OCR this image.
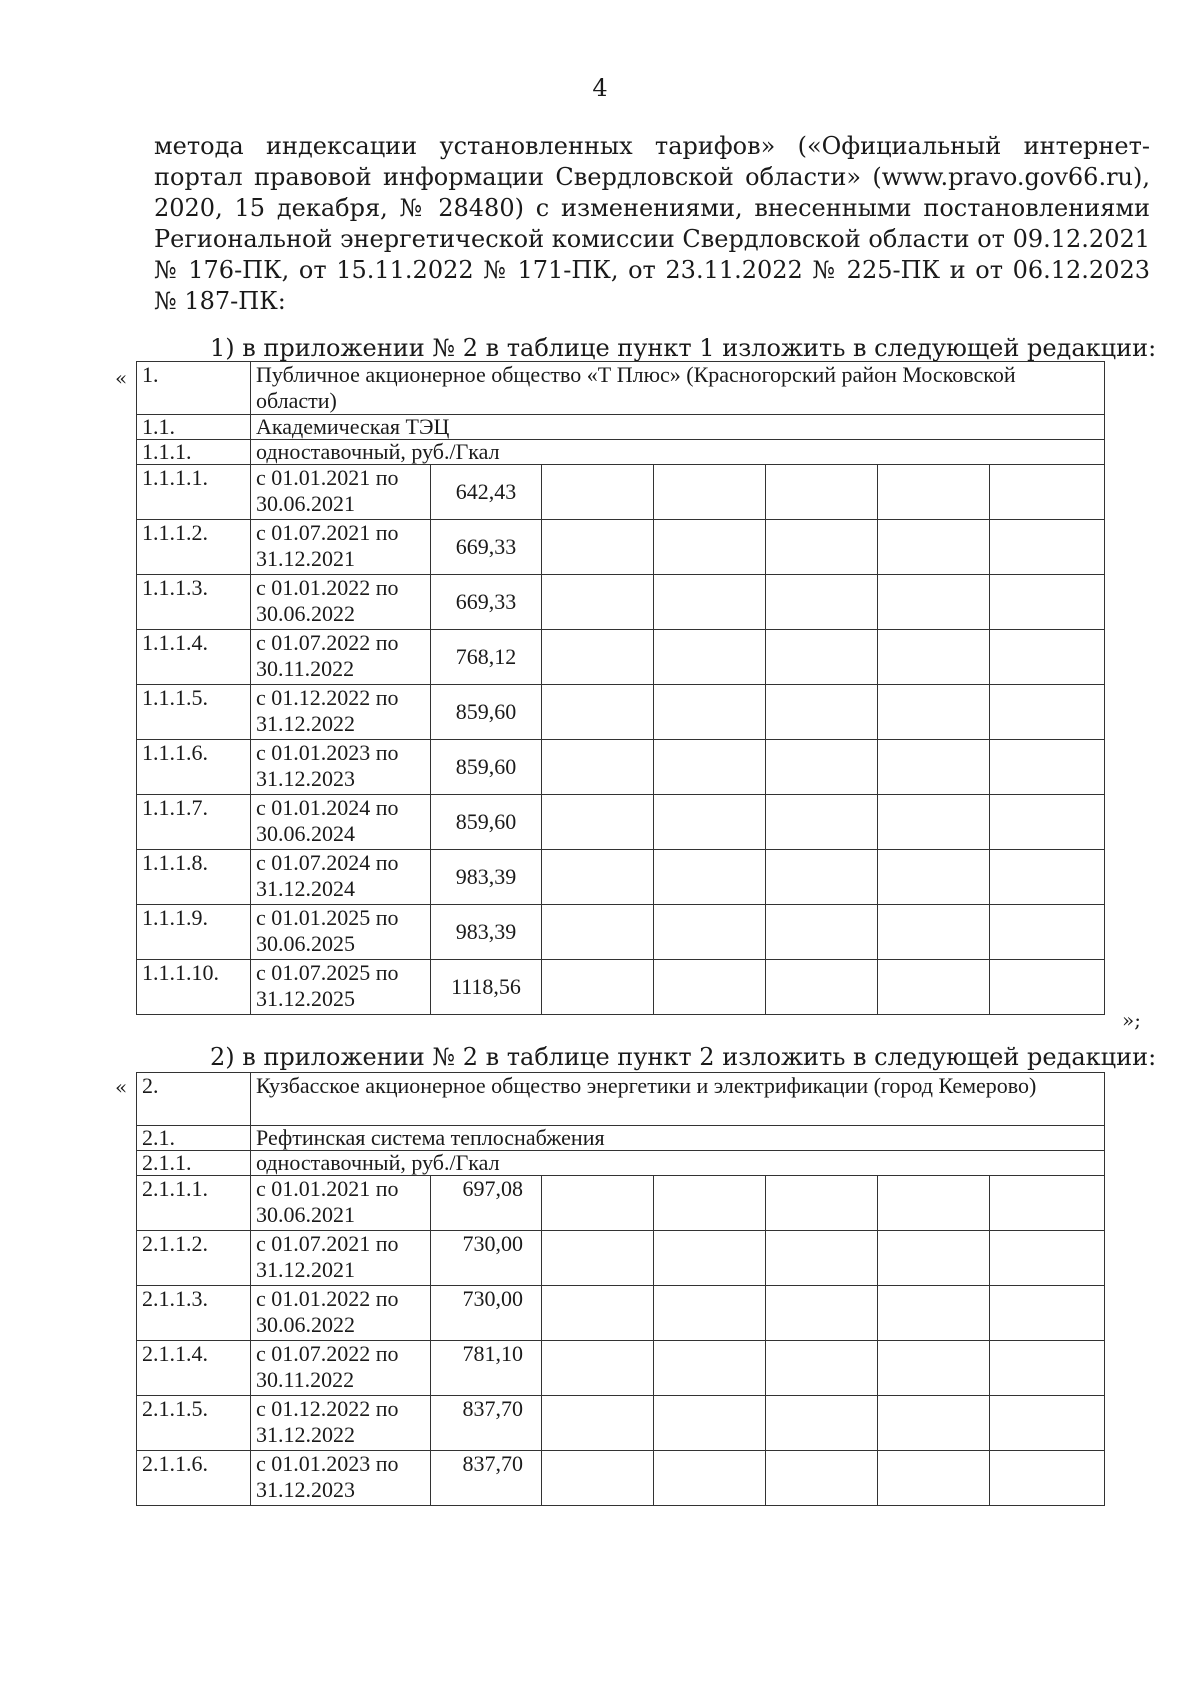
4

метода индексации установленных тарифов» («Официальный интернет-портал правовой информации Свердловской области» (www.pravo.gov66.ru), 2020, 15 декабря, № 28480) с изменениями, внесенными постановлениями Региональной энергетической комиссии Свердловской области от 09.12.2021 № 176-ПК, от 15.11.2022 № 171-ПК, от 23.11.2022 № 225-ПК и от 06.12.2023 № 187-ПК:

1) в приложении № 2 в таблице пункт 1 изложить в следующей редакции:
« 1.	Публичное акционерное общество «Т Плюс» (Красногорский район Московской области)						
1.1.	Академическая ТЭЦ						
1.1.1.	одноставочный, руб./Гкал						
1.1.1.1.	с 01.01.2021 по 30.06.2021	642,43					
1.1.1.2.	с 01.07.2021 по 31.12.2021	669,33					
1.1.1.3.	с 01.01.2022 по 30.06.2022	669,33					
1.1.1.4.	с 01.07.2022 по 30.11.2022	768,12					
1.1.1.5.	с 01.12.2022 по 31.12.2022	859,60					
1.1.1.6.	с 01.01.2023 по 31.12.2023	859,60					
1.1.1.7.	с 01.01.2024 по 30.06.2024	859,60					
1.1.1.8.	с 01.07.2024 по 31.12.2024	983,39					
1.1.1.9.	с 01.01.2025 по 30.06.2025	983,39					
1.1.1.10.	с 01.07.2025 по 31.12.2025	1118,56					
»;
2) в приложении № 2 в таблице пункт 2 изложить в следующей редакции:
« 2.	Кузбасское акционерное общество энергетики и электрификации (город Кемерово)						
2.1.	Рефтинская система теплоснабжения						
2.1.1.	одноставочный, руб./Гкал						
2.1.1.1.	с 01.01.2021 по 30.06.2021	697,08					
2.1.1.2.	с 01.07.2021 по 31.12.2021	730,00					
2.1.1.3.	с 01.01.2022 по 30.06.2022	730,00					
2.1.1.4.	с 01.07.2022 по 30.11.2022	781,10					
2.1.1.5.	с 01.12.2022 по 31.12.2022	837,70					
2.1.1.6.	с 01.01.2023 по 31.12.2023	837,70					
